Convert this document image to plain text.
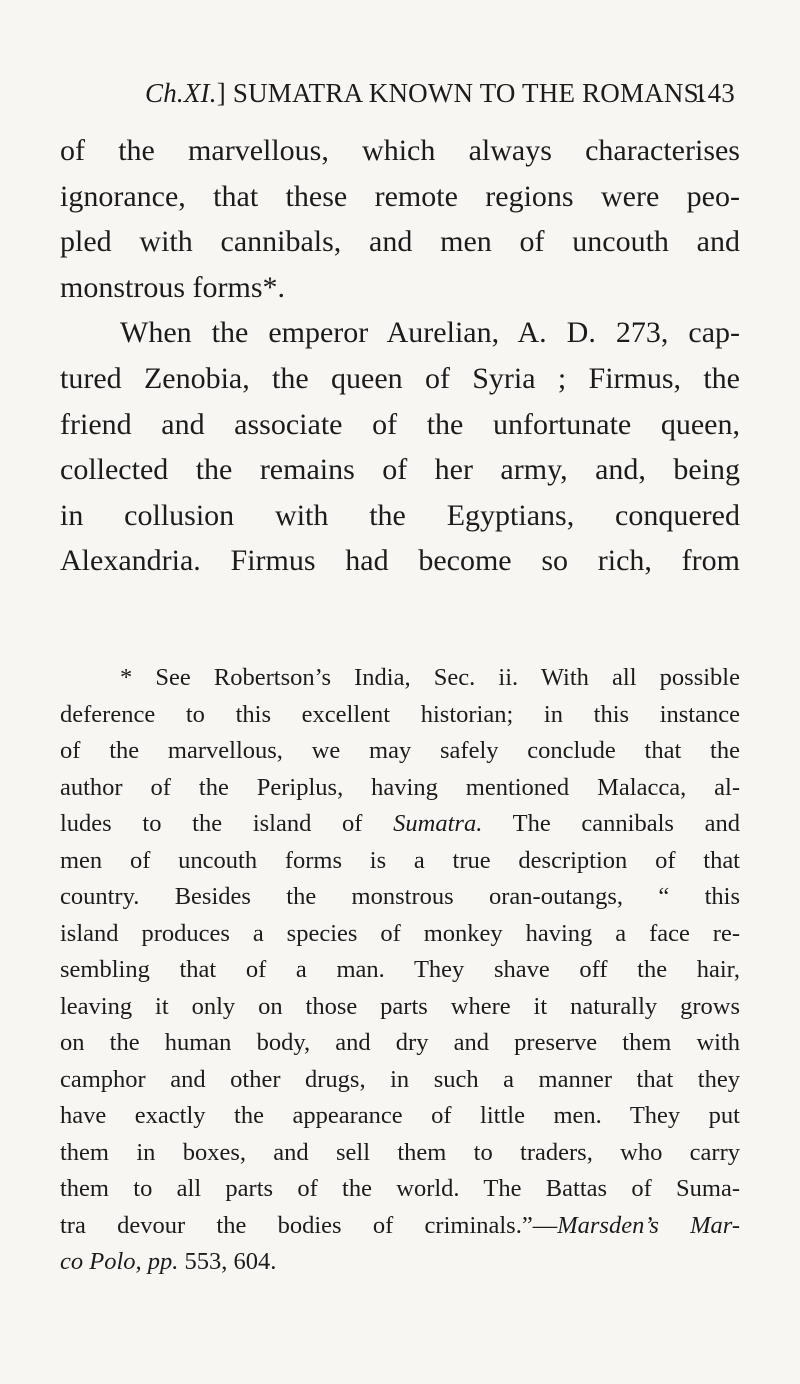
Ch.XI.] SUMATRA KNOWN TO THE ROMANS.
143
of the marvellous, which always characterises
ignorance, that these remote regions were peo-
pled with cannibals, and men of uncouth and
monstrous forms*.
When the emperor Aurelian, A. D. 273, cap-
tured Zenobia, the queen of Syria ; Firmus, the
friend and associate of the unfortunate queen,
collected the remains of her army, and, being
in collusion with the Egyptians, conquered
Alexandria. Firmus had become so rich, from
* See Robertson’s India, Sec. ii. With all possible
deference to this excellent historian; in this instance
of the marvellous, we may safely conclude that the
author of the Periplus, having mentioned Malacca, al-
ludes to the island of Sumatra. The cannibals and
men of uncouth forms is a true description of that
country. Besides the monstrous oran-outangs, “ this
island produces a species of monkey having a face re-
sembling that of a man. They shave off the hair,
leaving it only on those parts where it naturally grows
on the human body, and dry and preserve them with
camphor and other drugs, in such a manner that they
have exactly the appearance of little men. They put
them in boxes, and sell them to traders, who carry
them to all parts of the world. The Battas of Suma-
tra devour the bodies of criminals.”—Marsden’s Mar-
co Polo, pp. 553, 604.
